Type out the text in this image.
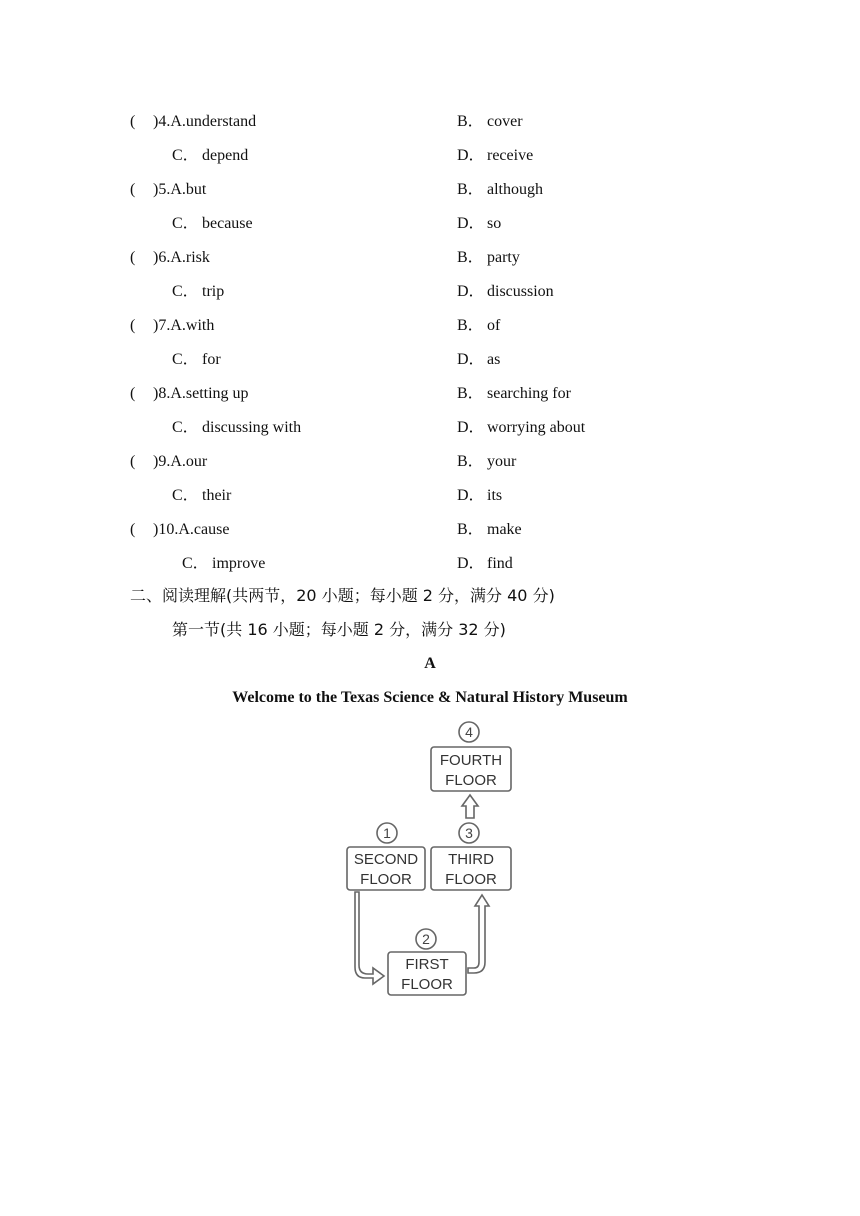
( )4.A.understand	B． cover
C． depend	D． receive
( )5.A.but	B． although
C． because	D． so
( )6.A.risk	B． party
C． trip	D． discussion
( )7.A.with	B． of
C． for	D． as
( )8.A.setting up	B． searching for
C． discussing with	D． worrying about
( )9.A.our	B． your
C． their	D． its
( )10.A.cause	B． make
C． improve	D． find
二、阅读理解(共两节，20 小题；每小题 2 分，满分 40 分)
第一节(共 16 小题；每小题 2 分，满分 32 分)
A
Welcome to the Texas Science & Natural History Museum
4
1	3
2
FOURTH
FLOOR
SECOND
FLOOR
THIRD
FLOOR
FIRST
FLOOR
